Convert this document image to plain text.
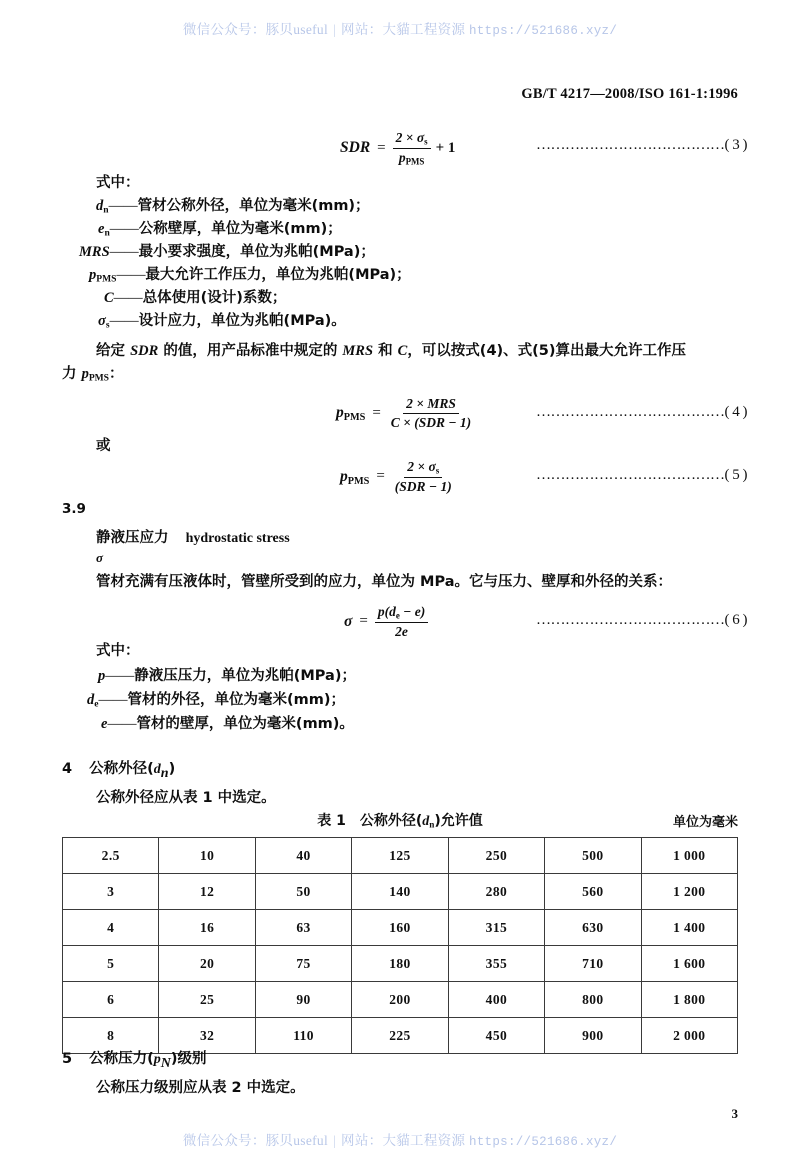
微信公众号：豚贝useful | 网站：大貓工程资源 https://521686.xyz/
GB/T 4217—2008/ISO 161-1:1996
SDR = $\frac{2 \times \sigma_s}{p_{PMS}} + 1$	…………………………………( 3 )
式中：
$d_n$ —— 管材公称外径，单位为毫米(mm)；
$e_n$ —— 公称壁厚，单位为毫米(mm)；
MRS —— 最小要求强度，单位为兆帕(MPa)；
$p_{PMS}$ —— 最大允许工作压力，单位为兆帕(MPa)；
C —— 总体使用(设计)系数；
$\sigma_s$ —— 设计应力，单位为兆帕(MPa)。
给定 SDR 的值，用产品标准中规定的 MRS 和 C，可以按式(4)、式(5)算出最大允许工作压
力 $p_{PMS}$：
$p_{PMS} = \frac{\text{2 × MRS}}{\text{C × (SDR − 1)}}$	…………………………………( 4 )
或
$p_{PMS} = \frac{2 \times \sigma_s}{\text{(SDR − 1)}}$	…………………………………( 5 )
3.9
静液压应力 hydrostatic stress
σ
管材充满有压液体时，管壁所受到的应力，单位为 MPa。它与压力、壁厚和外径的关系：
$\sigma = \frac{p(d_e - e)}{2e}$	…………………………………( 6 )
式中：
p —— 静液压压力，单位为兆帕(MPa)；
$d_e$ —— 管材的外径，单位为毫米(mm)；
e —— 管材的壁厚，单位为毫米(mm)。
4 公称外径(dn)
公称外径应从表 1 中选定。
表 1 公称外径$(d_n)$允许值	单位为毫米
2.5	10	40	125	250	500	1 000
3	12	50	140	280	560	1 200
4	16	63	160	315	630	1 400
5	20	75	180	355	710	1 600
6	25	90	200	400	800	1 800
8	32	110	225	450	900	2 000
5 公称压力(pN)级别
公称压力级别应从表 2 中选定。
3
微信公众号：豚贝useful | 网站：大貓工程资源 https://521686.xyz/
